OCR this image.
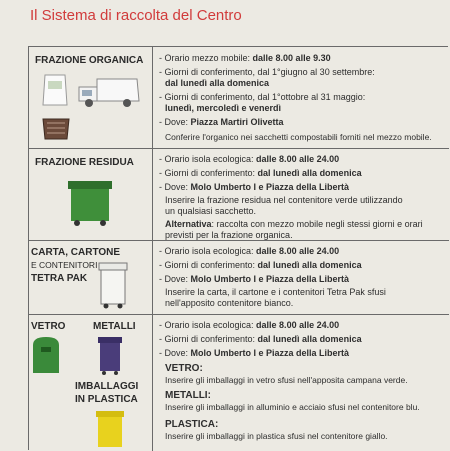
Il Sistema di raccolta del Centro
FRAZIONE ORGANICA - Orario mezzo mobile: dalle 8.00 alle 9.30
- Giorni di conferimento, dal 1°giugno al 30 settembre:
dal lunedì alla domenica
- Giorni di conferimento, dal 1°ottobre al 31 maggio:
lunedì, mercoledì e venerdì
- Dove: Piazza Martiri Olivetta
Conferire l'organico nei sacchetti compostabili forniti nel mezzo mobile.
FRAZIONE RESIDUA	- Orario isola ecologica: dalle 8.00 alle 24.00
- Giorni di conferimento: dal lunedì alla domenica
- Dove: Molo Umberto I e Piazza della Libertà
Inserire la frazione residua nel contenitore verde utilizzando
un qualsiasi sacchetto.
Alternativa: raccolta con mezzo mobile negli stessi giorni e orari
previsti per la frazione organica.
CARTA, CARTONE
E CONTENITORI
TETRA PAK
- Orario isola ecologica: dalle 8.00 alle 24.00
- Giorni di conferimento: dal lunedì alla domenica
- Dove: Molo Umberto I e Piazza della Libertà
Inserire la carta, il cartone e i contenitori Tetra Pak sfusi
nell'apposito contenitore bianco.
VETRO	METALLI
IMBALLAGGI
IN PLASTICA
- Orario isola ecologica: dalle 8.00 alle 24.00
- Giorni di conferimento: dal lunedì alla domenica
- Dove: Molo Umberto I e Piazza della Libertà
VETRO:
Inserire gli imballaggi in vetro sfusi nell'apposita campana verde.
METALLI:
Inserire gli imballaggi in alluminio e acciaio sfusi nel contenitore blu.
PLASTICA:
Inserire gli imballaggi in plastica sfusi nel contenitore giallo.
